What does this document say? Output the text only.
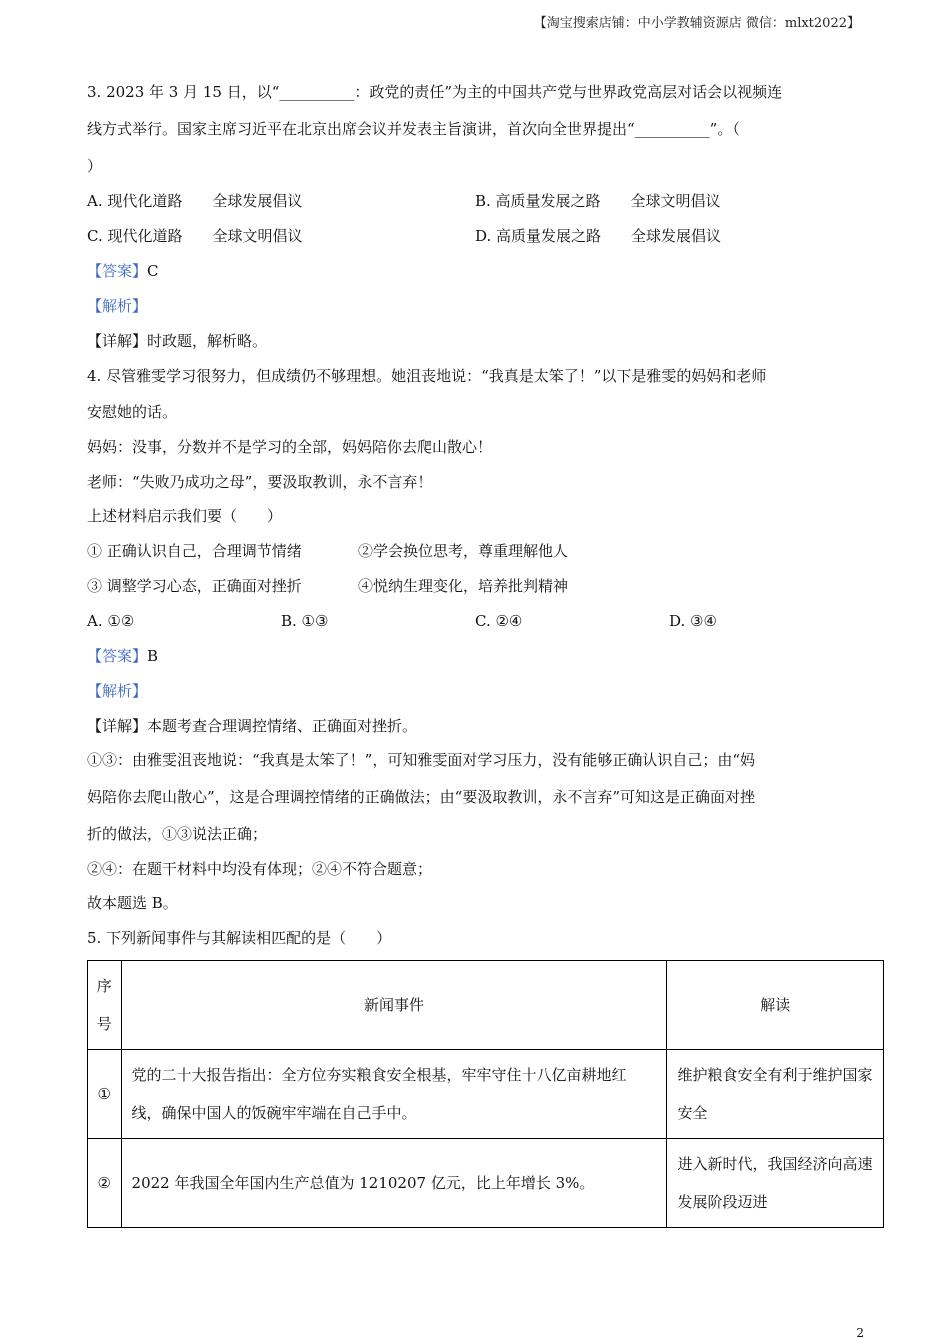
【淘宝搜索店铺：中小学教辅资源店 微信：mlxt2022】
3. 2023 年 3 月 15 日，以“__________：政党的责任”为主的中国共产党与世界政党高层对话会以视频连
线方式举行。国家主席习近平在北京出席会议并发表主旨演讲，首次向全世界提出“__________”。（
）
A. 现代化道路　　全球发展倡议	B. 高质量发展之路　　全球文明倡议
C. 现代化道路　　全球文明倡议	D. 高质量发展之路　　全球发展倡议
【答案】C
【解析】
【详解】时政题，解析略。
4. 尽管雅雯学习很努力，但成绩仍不够理想。她沮丧地说：“我真是太笨了！”以下是雅雯的妈妈和老师
安慰她的话。
妈妈：没事，分数并不是学习的全部，妈妈陪你去爬山散心！
老师：“失败乃成功之母”，要汲取教训，永不言弃！
上述材料启示我们要（　　）
① 正确认识自己，合理调节情绪	②学会换位思考，尊重理解他人
③ 调整学习心态，正确面对挫折	④悦纳生理变化，培养批判精神
A. ①②	B. ①③	C. ②④	D. ③④
【答案】B
【解析】
【详解】本题考查合理调控情绪、正确面对挫折。
①③：由雅雯沮丧地说：“我真是太笨了！”，可知雅雯面对学习压力，没有能够正确认识自己；由“妈
妈陪你去爬山散心”，这是合理调控情绪的正确做法；由“要汲取教训，永不言弃”可知这是正确面对挫
折的做法，①③说法正确；
②④：在题干材料中均没有体现；②④不符合题意；
故本题选 B。
5. 下列新闻事件与其解读相匹配的是（　　）
序号	新闻事件	解读
①	党的二十大报告指出：全方位夯实粮食安全根基，牢牢守住十八亿亩耕地红线，确保中国人的饭碗牢牢端在自己手中。	维护粮食安全有利于维护国家安全
②	2022 年我国全年国内生产总值为 1210207 亿元，比上年增长 3%。	进入新时代，我国经济向高速发展阶段迈进
2
